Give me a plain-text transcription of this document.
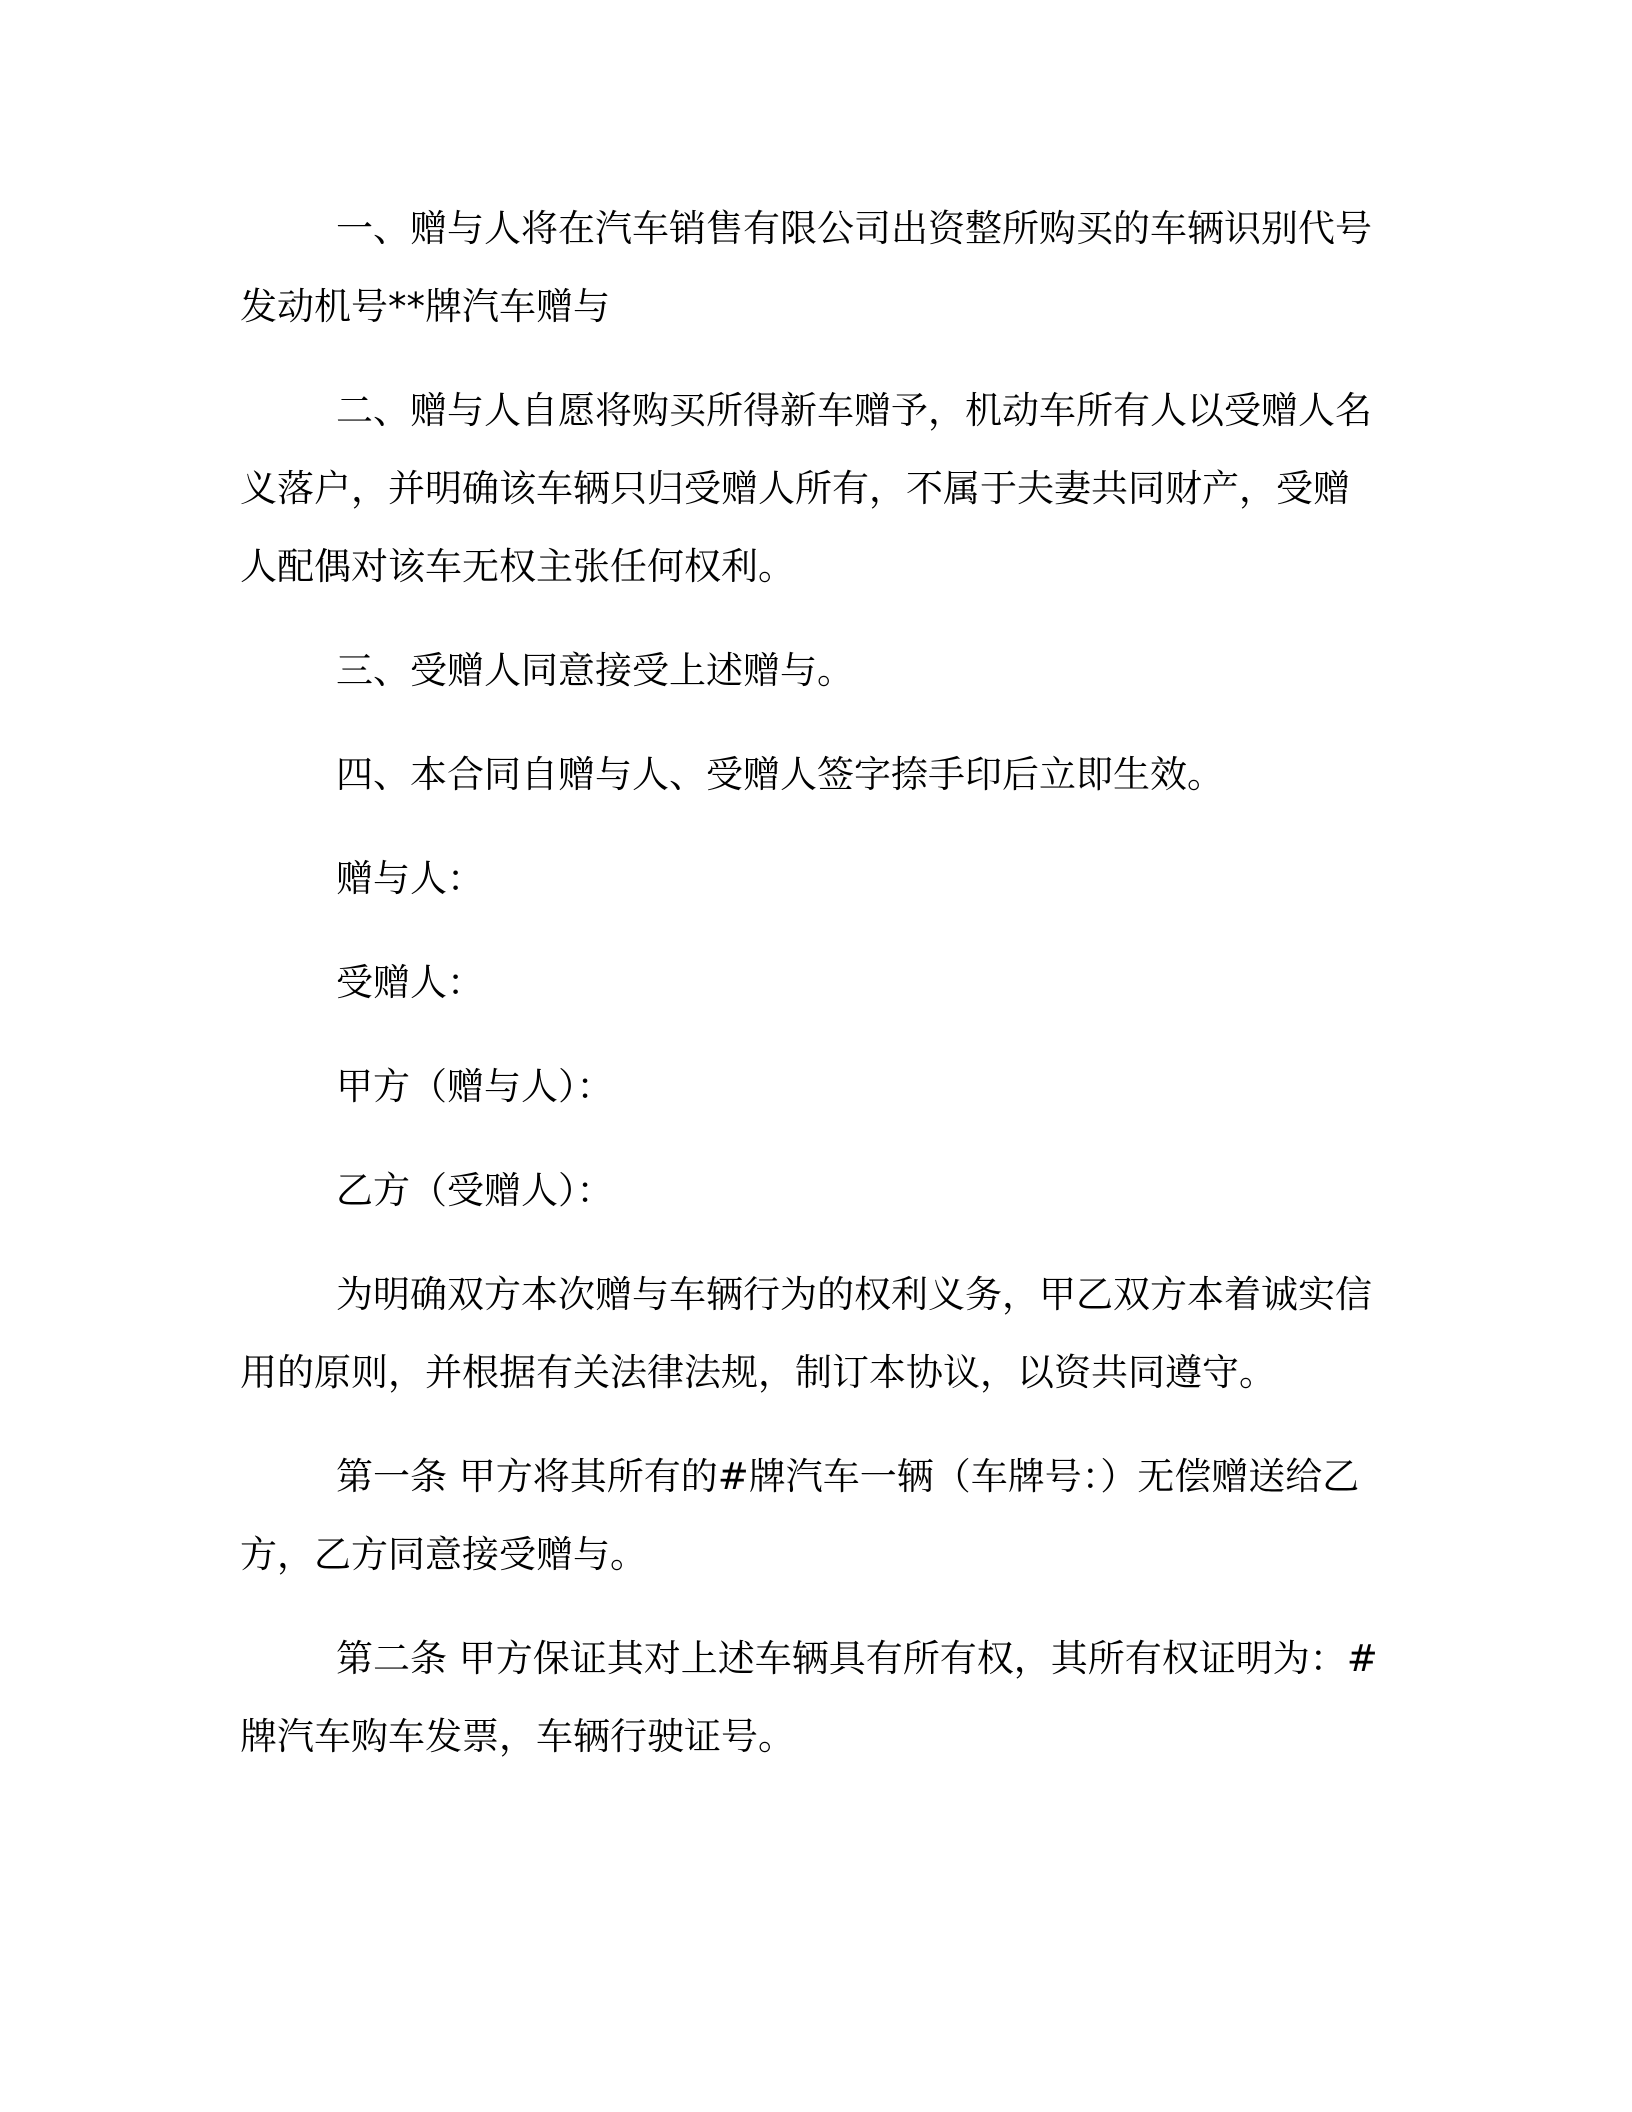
一、赠与人将在汽车销售有限公司出资整所购买的车辆识别代号发动机号**牌汽车赠与

二、赠与人自愿将购买所得新车赠予，机动车所有人以受赠人名义落户，并明确该车辆只归受赠人所有，不属于夫妻共同财产，受赠人配偶对该车无权主张任何权利。

三、受赠人同意接受上述赠与。

四、本合同自赠与人、受赠人签字捺手印后立即生效。

赠与人：

受赠人：

甲方（赠与人）：

乙方（受赠人）：

为明确双方本次赠与车辆行为的权利义务，甲乙双方本着诚实信用的原则，并根据有关法律法规，制订本协议，以资共同遵守。

第一条 甲方将其所有的#牌汽车一辆（车牌号：）无偿赠送给乙方，乙方同意接受赠与。

第二条 甲方保证其对上述车辆具有所有权，其所有权证明为：#牌汽车购车发票，车辆行驶证号。
